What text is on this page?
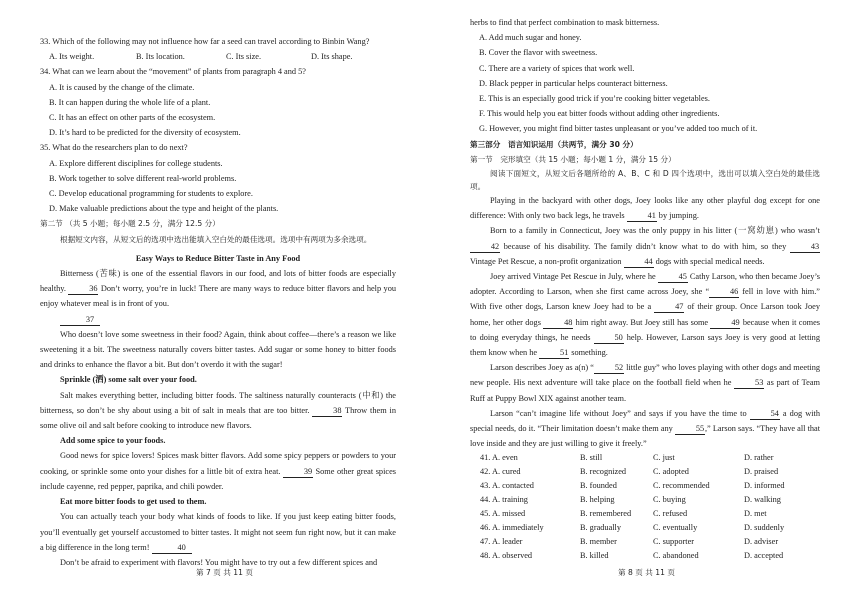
33. Which of the following may not influence how far a seed can travel according to Binbin Wang?

A. Its weight.	B. Its location.	C. Its size.	D. Its shape.

34. What can we learn about the “movement” of plants from paragraph 4 and 5?

A. It is caused by the change of the climate.

B. It can happen during the whole life of a plant.

C. It has an effect on other parts of the ecosystem.

D. It’s hard to be predicted for the diversity of ecosystem.

35. What do the researchers plan to do next?

A. Explore different disciplines for college students.

B. Work together to solve different real-world problems.

C. Develop educational programming for students to explore.

D. Make valuable predictions about the type and height of the plants.

第二节 （共 5 小题；每小题 2.5 分，满分 12.5 分）

根据短文内容，从短文后的选项中选出能填入空白处的最佳选项。选项中有两项为多余选项。

Easy Ways to Reduce Bitter Taste in Any Food

Bitterness (苦味) is one of the essential flavors in our food, and lots of bitter foods are especially healthy.	36 Don’t worry, you’re in luck! There are many ways to reduce bitter flavors and help you enjoy whatever meal is in front of you.

37

Who doesn’t love some sweetness in their food? Again, think about coffee—there’s a reason we like sweetening it a bit. The sweetness naturally covers bitter tastes. Add sugar or some honey to bitter foods and drinks to enhance the flavor a bit. But don’t overdo it with the sugar!

Sprinkle (洒) some salt over your food.

Salt makes everything better, including bitter foods. The saltiness naturally counteracts (中和) the bitterness, so don’t be shy about using a bit of salt in meals that are too bitter.	38 Throw them in some olive oil and salt before cooking to introduce new flavors.

Add some spice to your foods.

Good news for spice lovers! Spices mask bitter flavors. Add some spicy peppers or powders to your cooking, or sprinkle some onto your dishes for a little bit of extra heat.	39 Some other great spices include cayenne, red pepper, paprika, and chili powder.

Eat more bitter foods to get used to them.

You can actually teach your body what kinds of foods to like. If you just keep eating bitter foods, you’ll eventually get yourself accustomed to bitter tastes. It might not seem fun right now, but it can make a big difference in the long term!	40

Don’t be afraid to experiment with flavors! You might have to try out a few different spices and

第 7 页 共 11 页

herbs to find that perfect combination to mask bitterness.

A. Add much sugar and honey.

B. Cover the flavor with sweetness.

C. There are a variety of spices that work well.

D. Black pepper in particular helps counteract bitterness.

E. This is an especially good trick if you’re cooking bitter vegetables.

F. This would help you eat bitter foods without adding other ingredients.

G. However, you might find bitter tastes unpleasant or you’ve added too much of it.

第三部分　语言知识运用（共两节，满分 30 分）

第一节　完形填空（共 15 小题；每小题 1 分，满分 15 分）

阅读下面短文，从短文后各题所给的 A、B、C 和 D 四个选项中，选出可以填入空白处的最佳选项。

Playing in the backyard with other dogs, Joey looks like any other playful dog except for one difference: With only two back legs, he travels	41 by jumping.

Born to a family in Connecticut, Joey was the only puppy in his litter (一窝幼崽) who wasn’t 42 because of his disability. The family didn’t know what to do with him, so they	43 Vintage Pet Rescue, a non-profit organization	44 dogs with special medical needs.

Joey arrived Vintage Pet Rescue in July, where he	45 Cathy Larson, who then became Joey’s adopter. According to Larson, when she first came across Joey, she “	46 fell in love with him.” With five other dogs, Larson knew Joey had to be a	47 of their group. Once Larson took Joey home, her other dogs	48 him right away. But Joey still has some	49 because when it comes to doing everyday things, he needs	50 help. However, Larson says Joey is very good at letting them know when he	51 something.

Larson describes Joey as a(n) “	52 little guy” who loves playing with other dogs and meeting new people. His next adventure will take place on the football field when he	53 as part of Team Ruff at Puppy Bowl XIX against another team.

Larson “can’t imagine life without Joey” and says if you have the time to	54 a dog with special needs, do it. “Their limitation doesn’t make them any	55,” Larson says. “They have all that love inside and they are just willing to give it freely.”

41. A. even	B. still	C. just	D. rather
42. A. cured	B. recognized	C. adopted	D. praised
43. A. contacted	B. founded	C. recommended	D. informed
44. A. training	B. helping	C. buying	D. walking
45. A. missed	B. remembered	C. refused	D. met
46. A. immediately	B. gradually	C. eventually	D. suddenly
47. A. leader	B. member	C. supporter	D. adviser
48. A. observed	B. killed	C. abandoned	D. accepted
第 8 页 共 11 页
